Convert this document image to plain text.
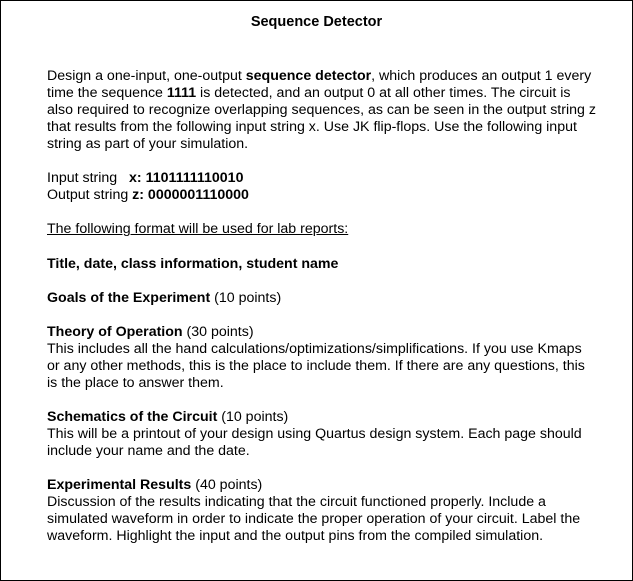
Sequence Detector

Design a one-input, one-output sequence detector, which produces an output 1 every time the sequence 1111 is detected, and an output 0 at all other times. The circuit is also required to recognize overlapping sequences, as can be seen in the output string z that results from the following input string x. Use JK flip-flops. Use the following input string as part of your simulation.

Input string x: 1101111110010

Output string z: 0000001110000

The following format will be used for lab reports:

Title, date, class information, student name

Goals of the Experiment (10 points)

Theory of Operation (30 points)

This includes all the hand calculations/optimizations/simplifications. If you use Kmaps or any other methods, this is the place to include them. If there are any questions, this is the place to answer them.

Schematics of the Circuit (10 points)

This will be a printout of your design using Quartus design system. Each page should include your name and the date.

Experimental Results (40 points)

Discussion of the results indicating that the circuit functioned properly. Include a simulated waveform in order to indicate the proper operation of your circuit. Label the waveform. Highlight the input and the output pins from the compiled simulation.
